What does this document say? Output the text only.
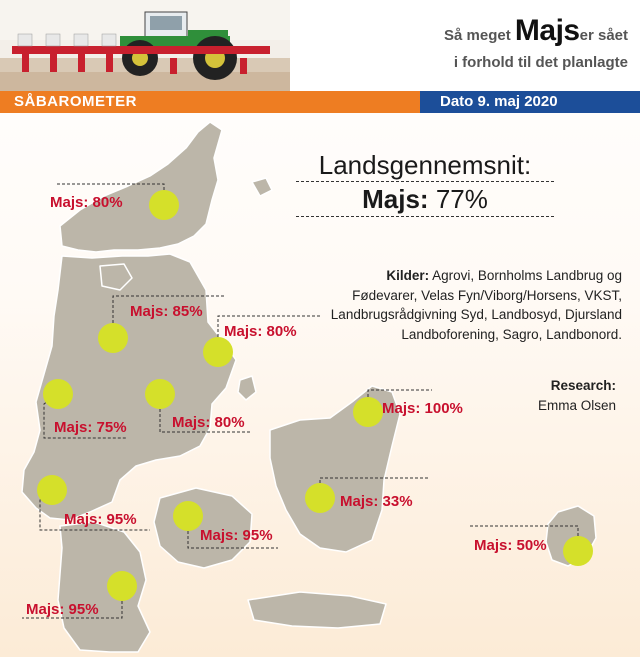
Så meget Majser sået
i forhold til det planlagte
SÅBAROMETER	Dato 9. maj 2020
Majs: 80%
Majs: 85%
Majs: 80%
Majs: 75%	Majs: 80%
Majs: 100%
Majs: 33%
Majs: 95%
Majs: 95%
Majs: 50%
Majs: 95%
Landsgennemsnit:
Majs: 77%
Kilder: Agrovi, Bornholms Landbrug og Fødevarer, Velas Fyn/Viborg/Horsens, VKST, Landbrugsrådgivning Syd, Landbosyd, Djursland Landboforening, Sagro, Landbonord.
Research:
Emma Olsen
